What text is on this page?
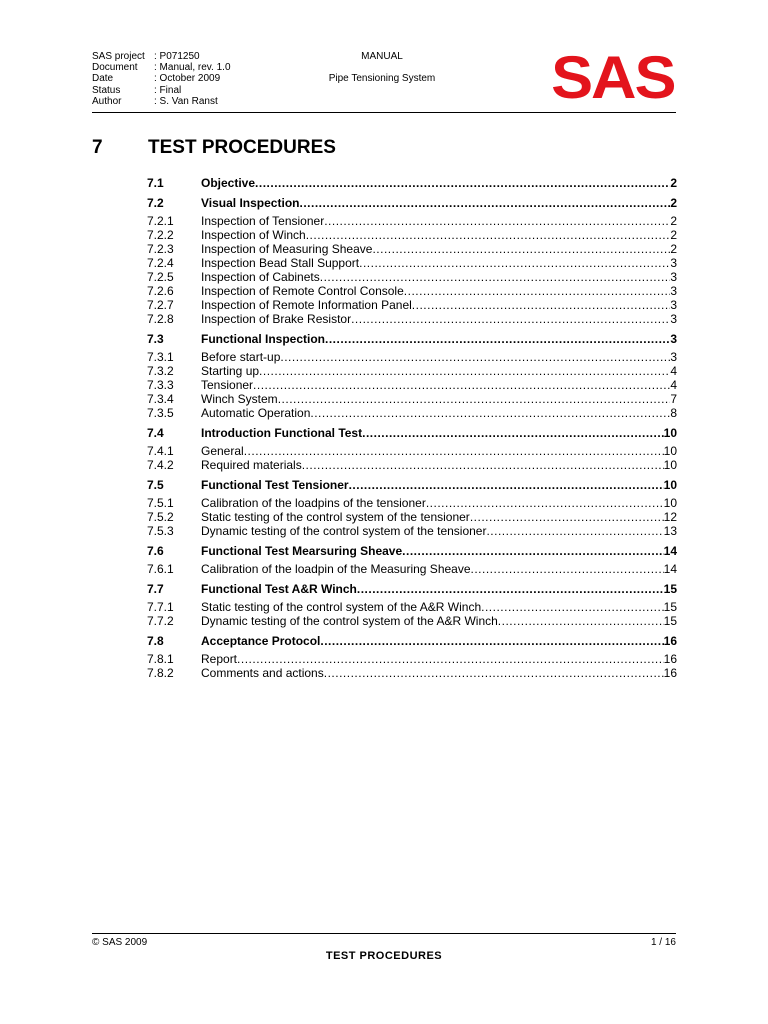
SAS project : P071250
Document	: Manual, rev. 1.0
Date	: October 2009
Status	: Final
Author	: S. Van Ranst
MANUAL
Pipe Tensioning System	SAS
7	TEST PROCEDURES
7.1	Objective .....	2
7.2	Visual Inspection .....	2
7.2.1	Inspection of Tensioner .....	2
7.2.2	Inspection of Winch .....	2
7.2.3	Inspection of Measuring Sheave .....	2
7.2.4	Inspection Bead Stall Support .....	3
7.2.5	Inspection of Cabinets .....	3
7.2.6	Inspection of Remote Control Console .....	3
7.2.7	Inspection of Remote Information Panel .....	3
7.2.8	Inspection of Brake Resistor .....	3
7.3	Functional Inspection .....	3
7.3.1	Before start-up .....	3
7.3.2	Starting up .....	4
7.3.3	Tensioner .....	4
7.3.4	Winch System .....	7
7.3.5	Automatic Operation .....	8
7.4	Introduction Functional Test .....	10
7.4.1	General .....	10
7.4.2	Required materials .....	10
7.5	Functional Test Tensioner .....	10
7.5.1	Calibration of the loadpins of the tensioner .....	10
7.5.2	Static testing of the control system of the tensioner .....	12
7.5.3	Dynamic testing of the control system of the tensioner .....	13
7.6	Functional Test Mearsuring Sheave .....	14
7.6.1	Calibration of the loadpin of the Measuring Sheave .....	14
7.7	Functional Test A&R Winch .....	15
7.7.1	Static testing of the control system of the A&R Winch .....	15
7.7.2	Dynamic testing of the control system of the A&R Winch .....	15
7.8	Acceptance Protocol .....	16
7.8.1	Report .....	16
7.8.2	Comments and actions .....	16
© SAS 2009	1 / 16
TEST PROCEDURES
